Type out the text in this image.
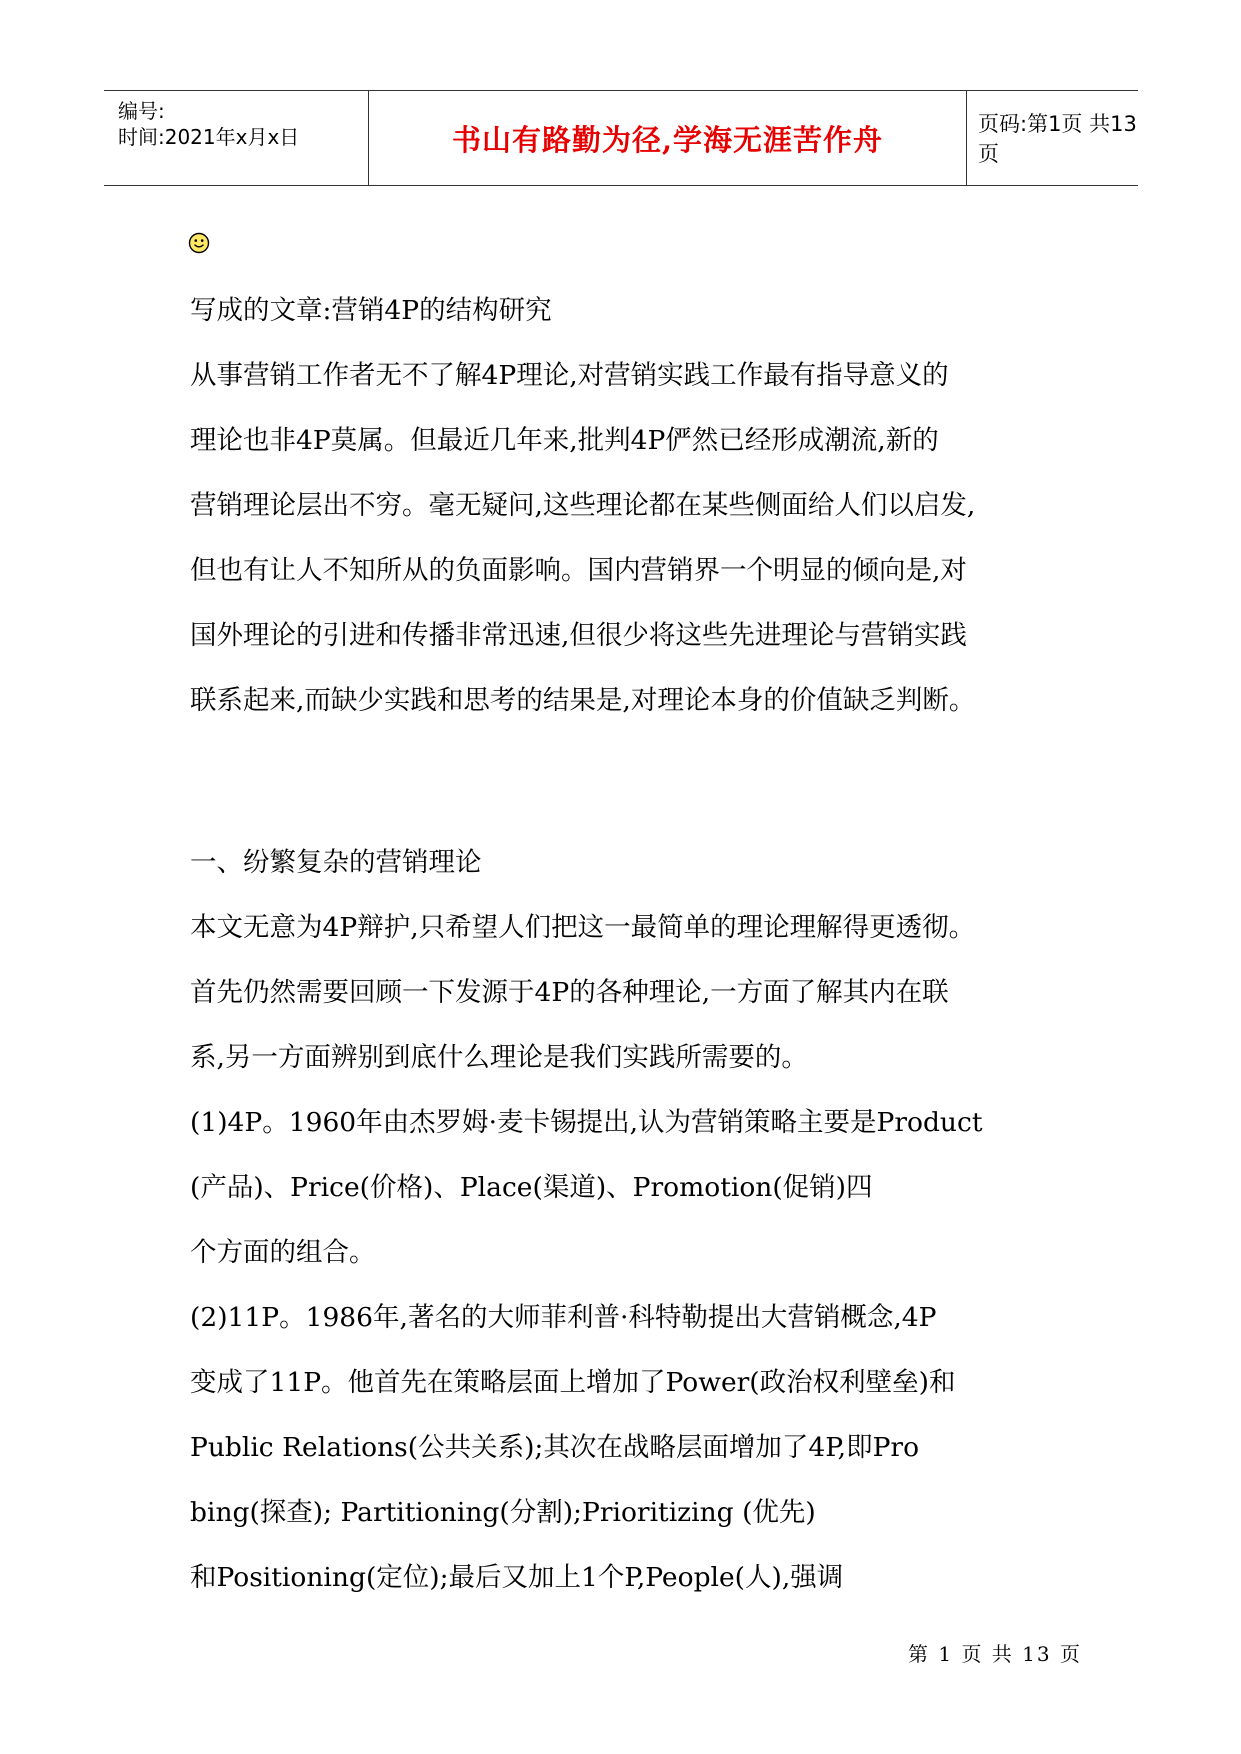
编号:
时间:2021年x月x日	书山有路勤为径,学海无涯苦作舟	页码:第1页 共13页
写成的文章:营销4P的结构研究
从事营销工作者无不了解4P理论,对营销实践工作最有指导意义的
理论也非4P莫属。但最近几年来,批判4P俨然已经形成潮流,新的
营销理论层出不穷。毫无疑问,这些理论都在某些侧面给人们以启发,
但也有让人不知所从的负面影响。国内营销界一个明显的倾向是,对
国外理论的引进和传播非常迅速,但很少将这些先进理论与营销实践
联系起来,而缺少实践和思考的结果是,对理论本身的价值缺乏判断。
一、纷繁复杂的营销理论
本文无意为4P辩护,只希望人们把这一最简单的理论理解得更透彻。
首先仍然需要回顾一下发源于4P的各种理论,一方面了解其内在联
系,另一方面辨别到底什么理论是我们实践所需要的。
(1)4P。1960年由杰罗姆·麦卡锡提出,认为营销策略主要是Product
(产品)、Price(价格)、Place(渠道)、Promotion(促销)四
个方面的组合。
(2)11P。1986年,著名的大师菲利普·科特勒提出大营销概念,4P
变成了11P。他首先在策略层面上增加了Power(政治权利壁垒)和
Public Relations(公共关系);其次在战略层面增加了4P,即Pro
bing(探查); Partitioning(分割);Prioritizing (优先)
和Positioning(定位);最后又加上1个P,People(人),强调
第 1 页 共 13 页
